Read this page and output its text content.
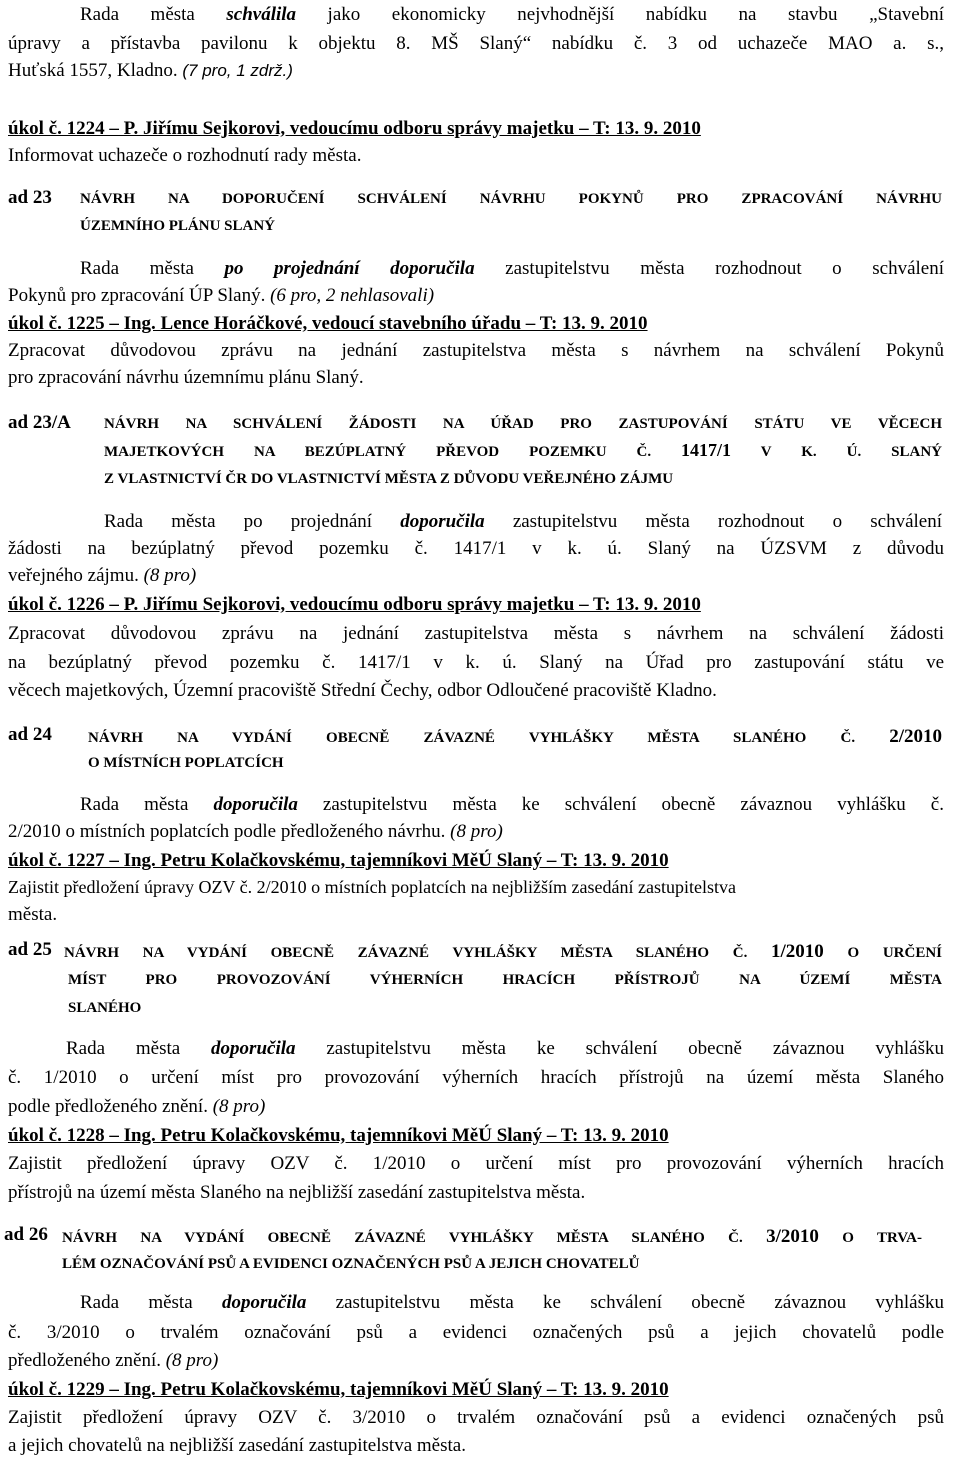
Rada města schválila jako ekonomicky nejvhodnější nabídku na stavbu „Stavební

úpravy a přístavba pavilonu k objektu 8. MŠ Slaný“ nabídku č. 3 od uchazeče MAO a. s.,

Huťská 1557, Kladno. (7 pro, 1 zdrž.)

úkol č. 1224 – P. Jiřímu Sejkorovi, vedoucímu odboru správy majetku – T: 13. 9. 2010

Informovat uchazeče o rozhodnutí rady města.

ad 23 NÁVRH NA DOPORUČENÍ SCHVÁLENÍ NÁVRHU POKYNŮ PRO ZPRACOVÁNÍ NÁVRHU

ÚZEMNÍHO PLÁNU SLANÝ

Rada města po projednání doporučila zastupitelstvu města rozhodnout o schválení

Pokynů pro zpracování ÚP Slaný. (6 pro, 2 nehlasovali)

úkol č. 1225 – Ing. Lence Horáčkové, vedoucí stavebního úřadu – T: 13. 9. 2010

Zpracovat důvodovou zprávu na jednání zastupitelstva města s návrhem na schválení Pokynů

pro zpracování návrhu územnímu plánu Slaný.

ad 23/A NÁVRH NA SCHVÁLENÍ ŽÁDOSTI NA ÚŘAD PRO ZASTUPOVÁNÍ STÁTU VE VĚCECH

MAJETKOVÝCH NA BEZÚPLATNÝ PŘEVOD POZEMKU Č. 1417/1 V K. Ú. SLANÝ

Z VLASTNICTVÍ ČR DO VLASTNICTVÍ MĚSTA Z DŮVODU VEŘEJNÉHO ZÁJMU

Rada města po projednání doporučila zastupitelstvu města rozhodnout o schválení

žádosti na bezúplatný převod pozemku č. 1417/1 v k. ú. Slaný na ÚZSVM z důvodu

veřejného zájmu. (8 pro)

úkol č. 1226 – P. Jiřímu Sejkorovi, vedoucímu odboru správy majetku – T: 13. 9. 2010

Zpracovat důvodovou zprávu na jednání zastupitelstva města s návrhem na schválení žádosti

na bezúplatný převod pozemku č. 1417/1 v k. ú. Slaný na Úřad pro zastupování státu ve

věcech majetkových, Územní pracoviště Střední Čechy, odbor Odloučené pracoviště Kladno.

ad 24 NÁVRH NA VYDÁNÍ OBECNĚ ZÁVAZNÉ VYHLÁŠKY MĚSTA SLANÉHO Č. 2/2010

O MÍSTNÍCH POPLATCÍCH

Rada města doporučila zastupitelstvu města ke schválení obecně závaznou vyhlášku č.

2/2010 o místních poplatcích podle předloženého návrhu. (8 pro)

úkol č. 1227 – Ing. Petru Kolačkovskému, tajemníkovi MěÚ Slaný – T: 13. 9. 2010

Zajistit předložení úpravy OZV č. 2/2010 o místních poplatcích na nejbližším zasedání zastupitelstva

města.

ad 25 NÁVRH NA VYDÁNÍ OBECNĚ ZÁVAZNÉ VYHLÁŠKY MĚSTA SLANÉHO Č. 1/2010 O URČENÍ

MÍST PRO PROVOZOVÁNÍ VÝHERNÍCH HRACÍCH PŘÍSTROJŮ NA ÚZEMÍ MĚSTA

SLANÉHO

Rada města doporučila zastupitelstvu města ke schválení obecně závaznou vyhlášku

č. 1/2010 o určení míst pro provozování výherních hracích přístrojů na území města Slaného

podle předloženého znění. (8 pro)

úkol č. 1228 – Ing. Petru Kolačkovskému, tajemníkovi MěÚ Slaný – T: 13. 9. 2010

Zajistit předložení úpravy OZV č. 1/2010 o určení míst pro provozování výherních hracích

přístrojů na území města Slaného na nejbližší zasedání zastupitelstva města.

ad 26 NÁVRH NA VYDÁNÍ OBECNĚ ZÁVAZNÉ VYHLÁŠKY MĚSTA SLANÉHO Č. 3/2010 O TRVA-

LÉM OZNAČOVÁNÍ PSŮ A EVIDENCI OZNAČENÝCH PSŮ A JEJICH CHOVATELŮ

Rada města doporučila zastupitelstvu města ke schválení obecně závaznou vyhlášku

č. 3/2010 o trvalém označování psů a evidenci označených psů a jejich chovatelů podle

předloženého znění. (8 pro)

úkol č. 1229 – Ing. Petru Kolačkovskému, tajemníkovi MěÚ Slaný – T: 13. 9. 2010

Zajistit předložení úpravy OZV č. 3/2010 o trvalém označování psů a evidenci označených psů

a jejich chovatelů na nejbližší zasedání zastupitelstva města.
